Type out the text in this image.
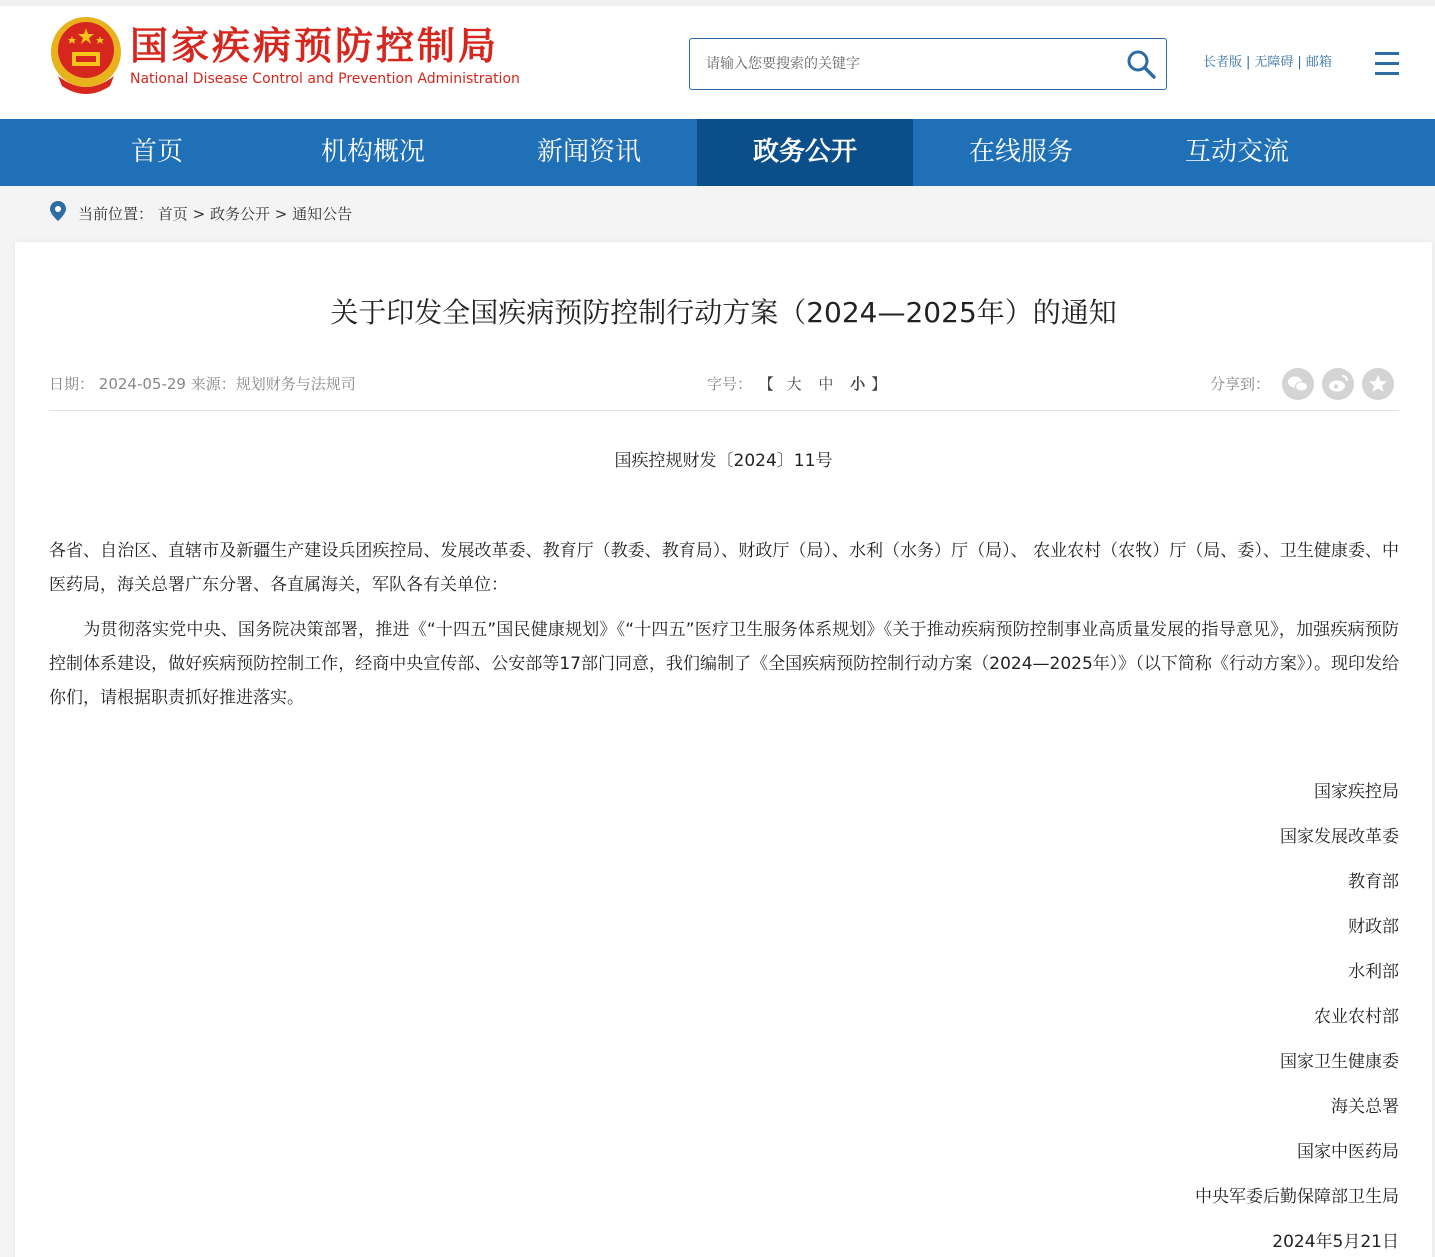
国家疾病预防控制局
National Disease Control and Prevention Administration
请输入您要搜索的关键字
长者版 | 无障碍 | 邮箱
首页	机构概况	新闻资讯	政务公开	在线服务	互动交流
当前位置： 首页 > 政务公开 > 通知公告
关于印发全国疾病预防控制行动方案（2024—2025年）的通知
日期： 2024-05-29 来源：规划财务与法规司	字号： 【 大 中 小 】	分享到：
国疾控规财发〔2024〕11号

各省、自治区、直辖市及新疆生产建设兵团疾控局、发展改革委、教育厅（教委、教育局）、财政厅（局）、水利（水务）厅（局）、 农业农村（农牧）厅（局、委）、卫生健康委、中医药局，海关总署广东分署、各直属海关，军队各有关单位：

　　为贯彻落实党中央、国务院决策部署，推进《“十四五”国民健康规划》《“十四五”医疗卫生服务体系规划》《关于推动疾病预防控制事业高质量发展的指导意见》，加强疾病预防控制体系建设，做好疾病预防控制工作，经商中央宣传部、公安部等17部门同意，我们编制了《全国疾病预防控制行动方案（2024—2025年）》（以下简称《行动方案》）。现印发给你们，请根据职责抓好推进落实。

国家疾控局
国家发展改革委
教育部
财政部
水利部
农业农村部
国家卫生健康委
海关总署
国家中医药局
中央军委后勤保障部卫生局
2024年5月21日
